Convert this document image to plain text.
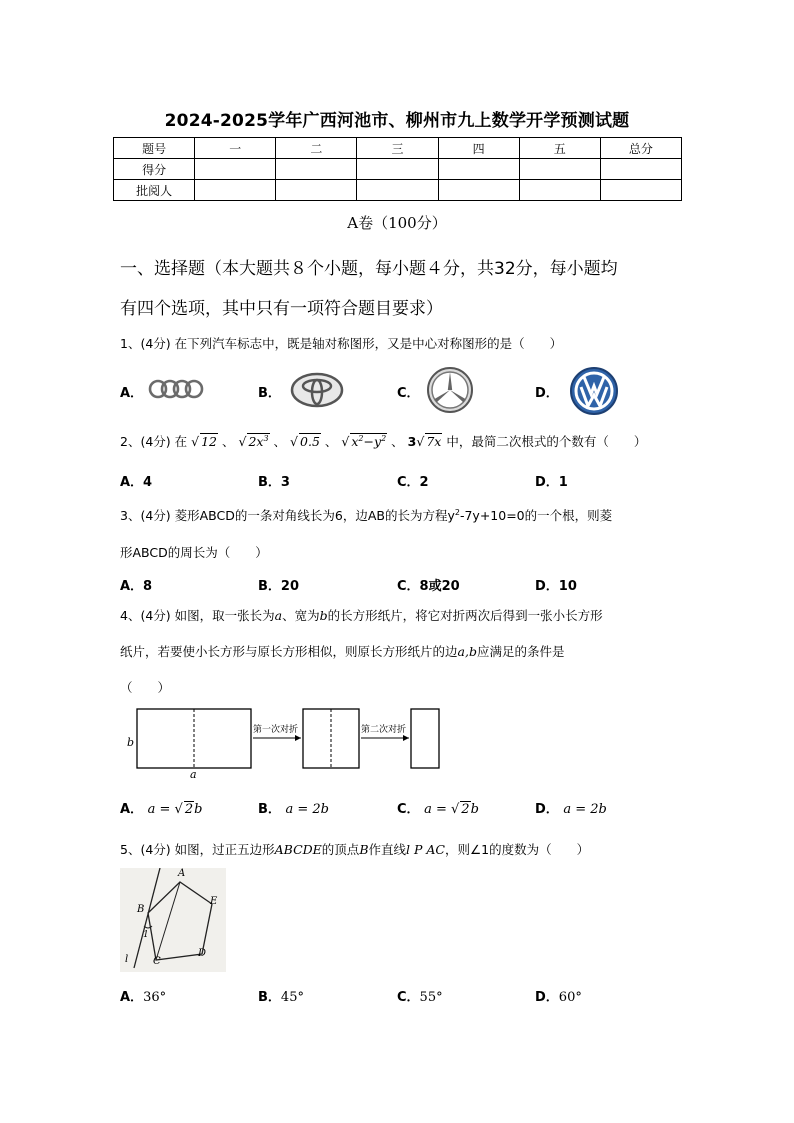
2024-2025学年广西河池市、柳州市九上数学开学预测试题
题号	一	二	三	四	五	总分
得分						
批阅人						
A卷（100分）
一、选择题（本大题共８个小题，每小题４分，共32分，每小题均
有四个选项，其中只有一项符合题目要求）
1、(4分) 在下列汽车标志中，既是轴对称图形，又是中心对称图形的是（　　）
A．	B．	C．	D．
2、(4分) 在 √ 12 、 √ $2x^3$ 、 √ 0.5 、 √ $x^2-y^2$ 、 3√ 7x 中，最简二次根式的个数有（　　）
A．4	B．3	C．2	D．1
3、(4分) 菱形ABCD的一条对角线长为6，边AB的长为方程$y^2-7y+10=0$的一个根，则菱
形ABCD的周长为（　　）
A．8	B．20	C．8或20	D．10
4、(4分) 如图，取一张长为a、宽为b的长方形纸片，将它对折两次后得到一张小长方形
纸片，若要使小长方形与原长方形相似，则原长方形纸片的边a,b应满足的条件是
（　　）
b
a
第一次对折	第二次对折
A． a = √ 2b	B． a = 2b	C． a = √ 2b	D． a = 2b
5、(4分) 如图，过正五边形ABCDE的顶点B作直线l P AC，则∠1的度数为（　　）
A
B
C
D
E
1
l
A．36°	B．45°	C．55°	D．60°
